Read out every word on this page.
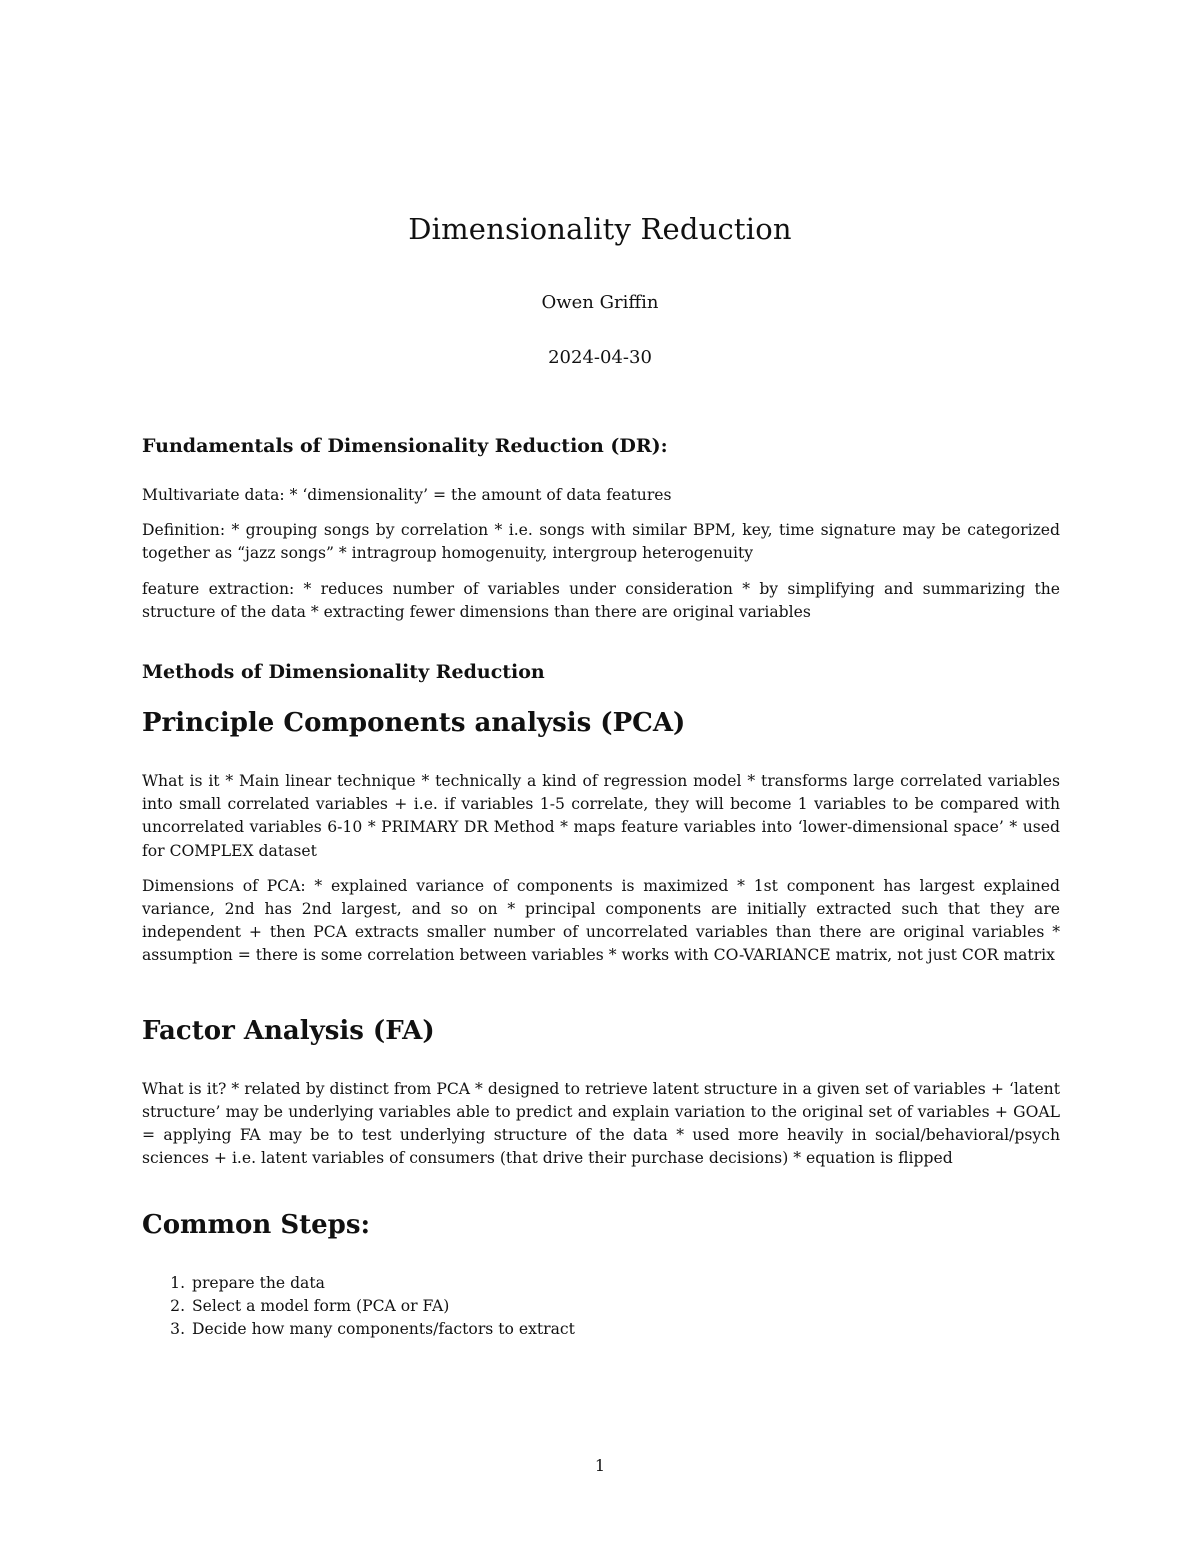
Dimensionality Reduction
Owen Griffin
2024-04-30
Fundamentals of Dimensionality Reduction (DR):

Multivariate data: * ‘dimensionality’ = the amount of data features

Definition: * grouping songs by correlation * i.e. songs with similar BPM, key, time signature may be categorized together as “jazz songs” * intragroup homogenuity, intergroup heterogenuity

feature extraction: * reduces number of variables under consideration * by simplifying and summarizing the structure of the data * extracting fewer dimensions than there are original variables

Methods of Dimensionality Reduction
Principle Components analysis (PCA)

What is it * Main linear technique * technically a kind of regression model * transforms large correlated variables into small correlated variables + i.e. if variables 1-5 correlate, they will become 1 variables to be compared with uncorrelated variables 6-10 * PRIMARY DR Method * maps feature variables into ‘lower-dimensional space’ * used for COMPLEX dataset

Dimensions of PCA: * explained variance of components is maximized * 1st component has largest explained variance, 2nd has 2nd largest, and so on * principal components are initially extracted such that they are independent + then PCA extracts smaller number of uncorrelated variables than there are original variables * assumption = there is some correlation between variables * works with CO-VARIANCE matrix, not just COR matrix

Factor Analysis (FA)

What is it? * related by distinct from PCA * designed to retrieve latent structure in a given set of variables + ‘latent structure’ may be underlying variables able to predict and explain variation to the original set of variables + GOAL = applying FA may be to test underlying structure of the data * used more heavily in social/behavioral/psych sciences + i.e. latent variables of consumers (that drive their purchase decisions) * equation is flipped

Common Steps:
1. prepare the data
2. Select a model form (PCA or FA)
3. Decide how many components/factors to extract
1
